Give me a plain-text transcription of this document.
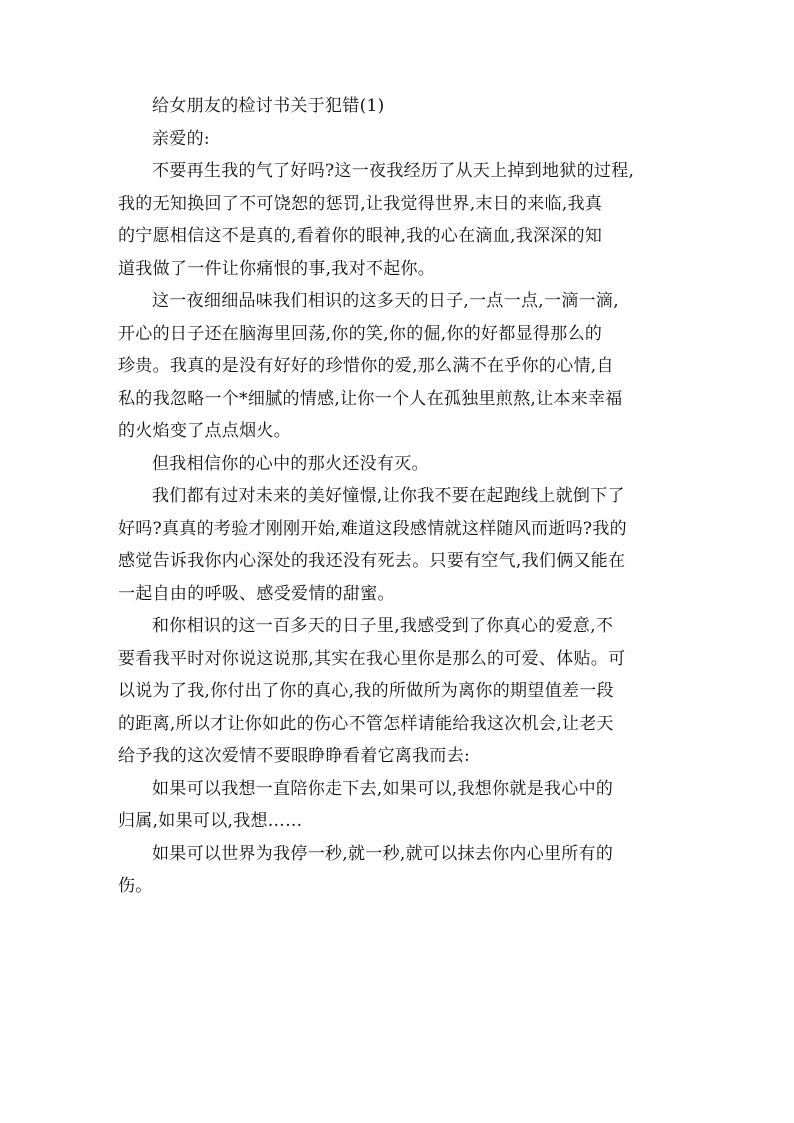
给女朋友的检讨书关于犯错(1)
亲爱的:
不要再生我的气了好吗?这一夜我经历了从天上掉到地狱的过程,
我的无知换回了不可饶恕的惩罚,让我觉得世界,末日的来临,我真
的宁愿相信这不是真的,看着你的眼神,我的心在滴血,我深深的知
道我做了一件让你痛恨的事,我对不起你。
这一夜细细品味我们相识的这多天的日子,一点一点,一滴一滴,
开心的日子还在脑海里回荡,你的笑,你的倔,你的好都显得那么的
珍贵。我真的是没有好好的珍惜你的爱,那么满不在乎你的心情,自
私的我忽略一个*细腻的情感,让你一个人在孤独里煎熬,让本来幸福
的火焰变了点点烟火。
但我相信你的心中的那火还没有灭。
我们都有过对未来的美好憧憬,让你我不要在起跑线上就倒下了
好吗?真真的考验才刚刚开始,难道这段感情就这样随风而逝吗?我的
感觉告诉我你内心深处的我还没有死去。只要有空气,我们俩又能在
一起自由的呼吸、感受爱情的甜蜜。
和你相识的这一百多天的日子里,我感受到了你真心的爱意,不
要看我平时对你说这说那,其实在我心里你是那么的可爱、体贴。可
以说为了我,你付出了你的真心,我的所做所为离你的期望值差一段
的距离,所以才让你如此的伤心不管怎样请能给我这次机会,让老天
给予我的这次爱情不要眼睁睁看着它离我而去:
如果可以我想一直陪你走下去,如果可以,我想你就是我心中的
归属,如果可以,我想……
如果可以世界为我停一秒,就一秒,就可以抹去你内心里所有的
伤。
